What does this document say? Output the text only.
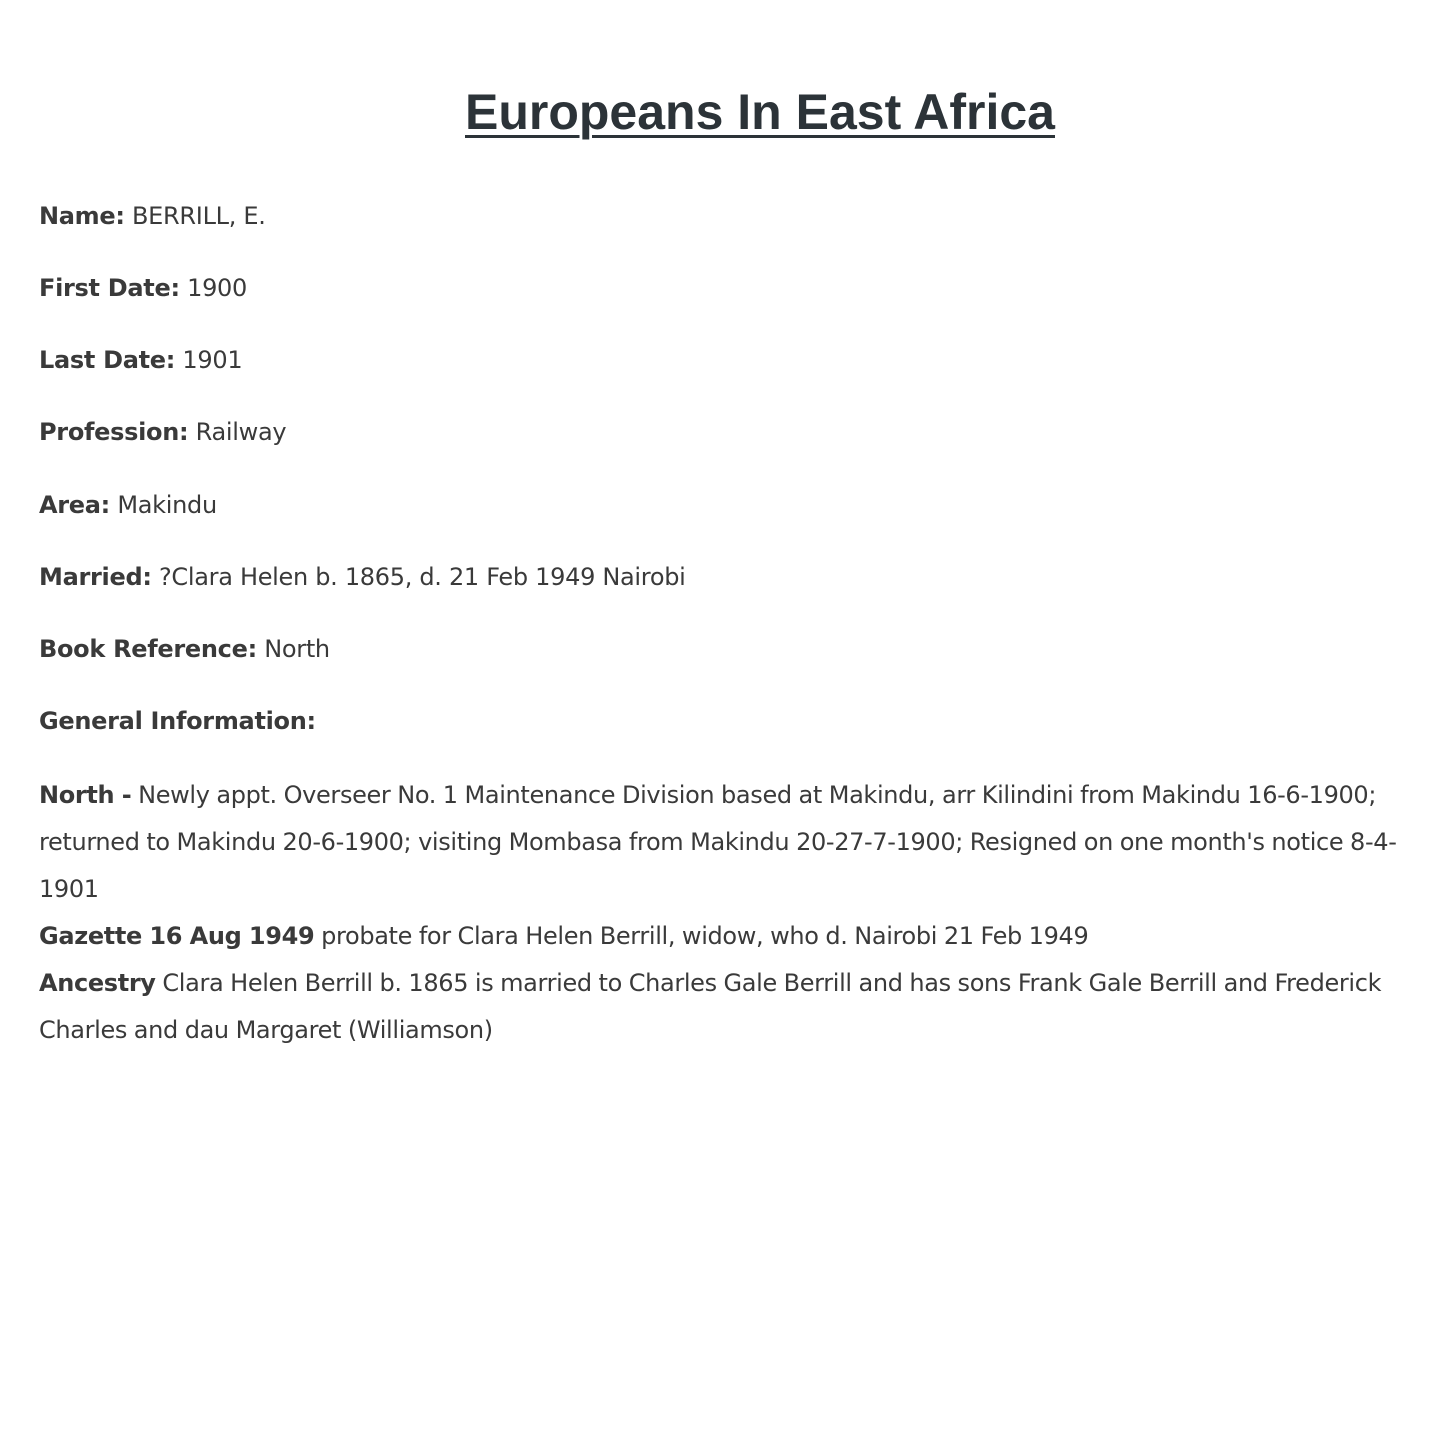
Europeans In East Africa

Name: BERRILL, E.

First Date: 1900

Last Date: 1901

Profession: Railway

Area: Makindu

Married: ?Clara Helen b. 1865, d. 21 Feb 1949 Nairobi

Book Reference: North

General Information:

North - Newly appt. Overseer No. 1 Maintenance Division based at Makindu, arr Kilindini from Makindu 16-6-1900; returned to Makindu 20-6-1900; visiting Mombasa from Makindu 20-27-7-1900; Resigned on one month's notice 8-4-1901
Gazette 16 Aug 1949 probate for Clara Helen Berrill, widow, who d. Nairobi 21 Feb 1949
Ancestry Clara Helen Berrill b. 1865 is married to Charles Gale Berrill and has sons Frank Gale Berrill and Frederick Charles and dau Margaret (Williamson)
